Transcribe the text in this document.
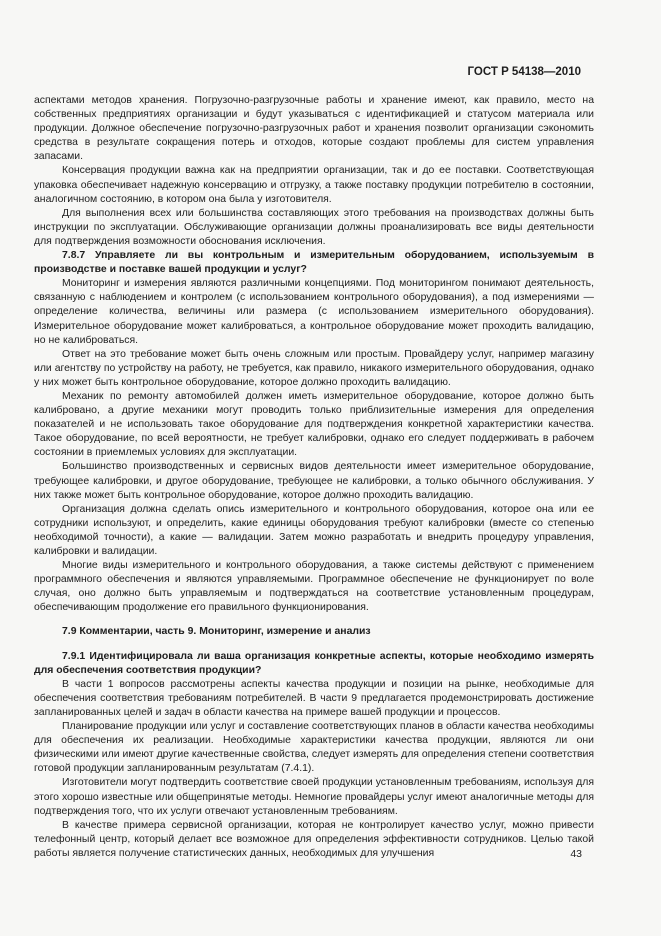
ГОСТ Р 54138—2010

аспектами методов хранения. Погрузочно-разгрузочные работы и хранение имеют, как правило, место на собственных предприятиях организации и будут указываться с идентификацией и статусом материала или продукции. Должное обеспечение погрузочно-разгрузочных работ и хранения позволит организации сэкономить средства в результате сокращения потерь и отходов, которые создают проблемы для систем управления запасами.

Консервация продукции важна как на предприятии организации, так и до ее поставки. Соответствующая упаковка обеспечивает надежную консервацию и отгрузку, а также поставку продукции потребителю в состоянии, аналогичном состоянию, в котором она была у изготовителя.

Для выполнения всех или большинства составляющих этого требования на производствах должны быть инструкции по эксплуатации. Обслуживающие организации должны проанализировать все виды деятельности для подтверждения возможности обоснования исключения.

7.8.7 Управляете ли вы контрольным и измерительным оборудованием, используемым в производстве и поставке вашей продукции и услуг?

Мониторинг и измерения являются различными концепциями. Под мониторингом понимают деятельность, связанную с наблюдением и контролем (с использованием контрольного оборудования), а под измерениями — определение количества, величины или размера (с использованием измерительного оборудования). Измерительное оборудование может калиброваться, а контрольное оборудование может проходить валидацию, но не калиброваться.

Ответ на это требование может быть очень сложным или простым. Провайдеру услуг, например магазину или агентству по устройству на работу, не требуется, как правило, никакого измерительного оборудования, однако у них может быть контрольное оборудование, которое должно проходить валидацию.

Механик по ремонту автомобилей должен иметь измерительное оборудование, которое должно быть калибровано, а другие механики могут проводить только приблизительные измерения для определения показателей и не использовать такое оборудование для подтверждения конкретной характеристики качества. Такое оборудование, по всей вероятности, не требует калибровки, однако его следует поддерживать в рабочем состоянии в приемлемых условиях для эксплуатации.

Большинство производственных и сервисных видов деятельности имеет измерительное оборудование, требующее калибровки, и другое оборудование, требующее не калибровки, а только обычного обслуживания. У них также может быть контрольное оборудование, которое должно проходить валидацию.

Организация должна сделать опись измерительного и контрольного оборудования, которое она или ее сотрудники используют, и определить, какие единицы оборудования требуют калибровки (вместе со степенью необходимой точности), а какие — валидации. Затем можно разработать и внедрить процедуру управления, калибровки и валидации.

Многие виды измерительного и контрольного оборудования, а также системы действуют с применением программного обеспечения и являются управляемыми. Программное обеспечение не функционирует по воле случая, оно должно быть управляемым и подтверждаться на соответствие установленным процедурам, обеспечивающим продолжение его правильного функционирования.

7.9 Комментарии, часть 9. Мониторинг, измерение и анализ

7.9.1 Идентифицировала ли ваша организация конкретные аспекты, которые необходимо измерять для обеспечения соответствия продукции?

В части 1 вопросов рассмотрены аспекты качества продукции и позиции на рынке, необходимые для обеспечения соответствия требованиям потребителей. В части 9 предлагается продемонстрировать достижение запланированных целей и задач в области качества на примере вашей продукции и процессов.

Планирование продукции или услуг и составление соответствующих планов в области качества необходимы для обеспечения их реализации. Необходимые характеристики качества продукции, являются ли они физическими или имеют другие качественные свойства, следует измерять для определения степени соответствия готовой продукции запланированным результатам (7.4.1).

Изготовители могут подтвердить соответствие своей продукции установленным требованиям, используя для этого хорошо известные или общепринятые методы. Немногие провайдеры услуг имеют аналогичные методы для подтверждения того, что их услуги отвечают установленным требованиям.

В качестве примера сервисной организации, которая не контролирует качество услуг, можно привести телефонный центр, который делает все возможное для определения эффективности сотрудников. Целью такой работы является получение статистических данных, необходимых для улучшения	43
